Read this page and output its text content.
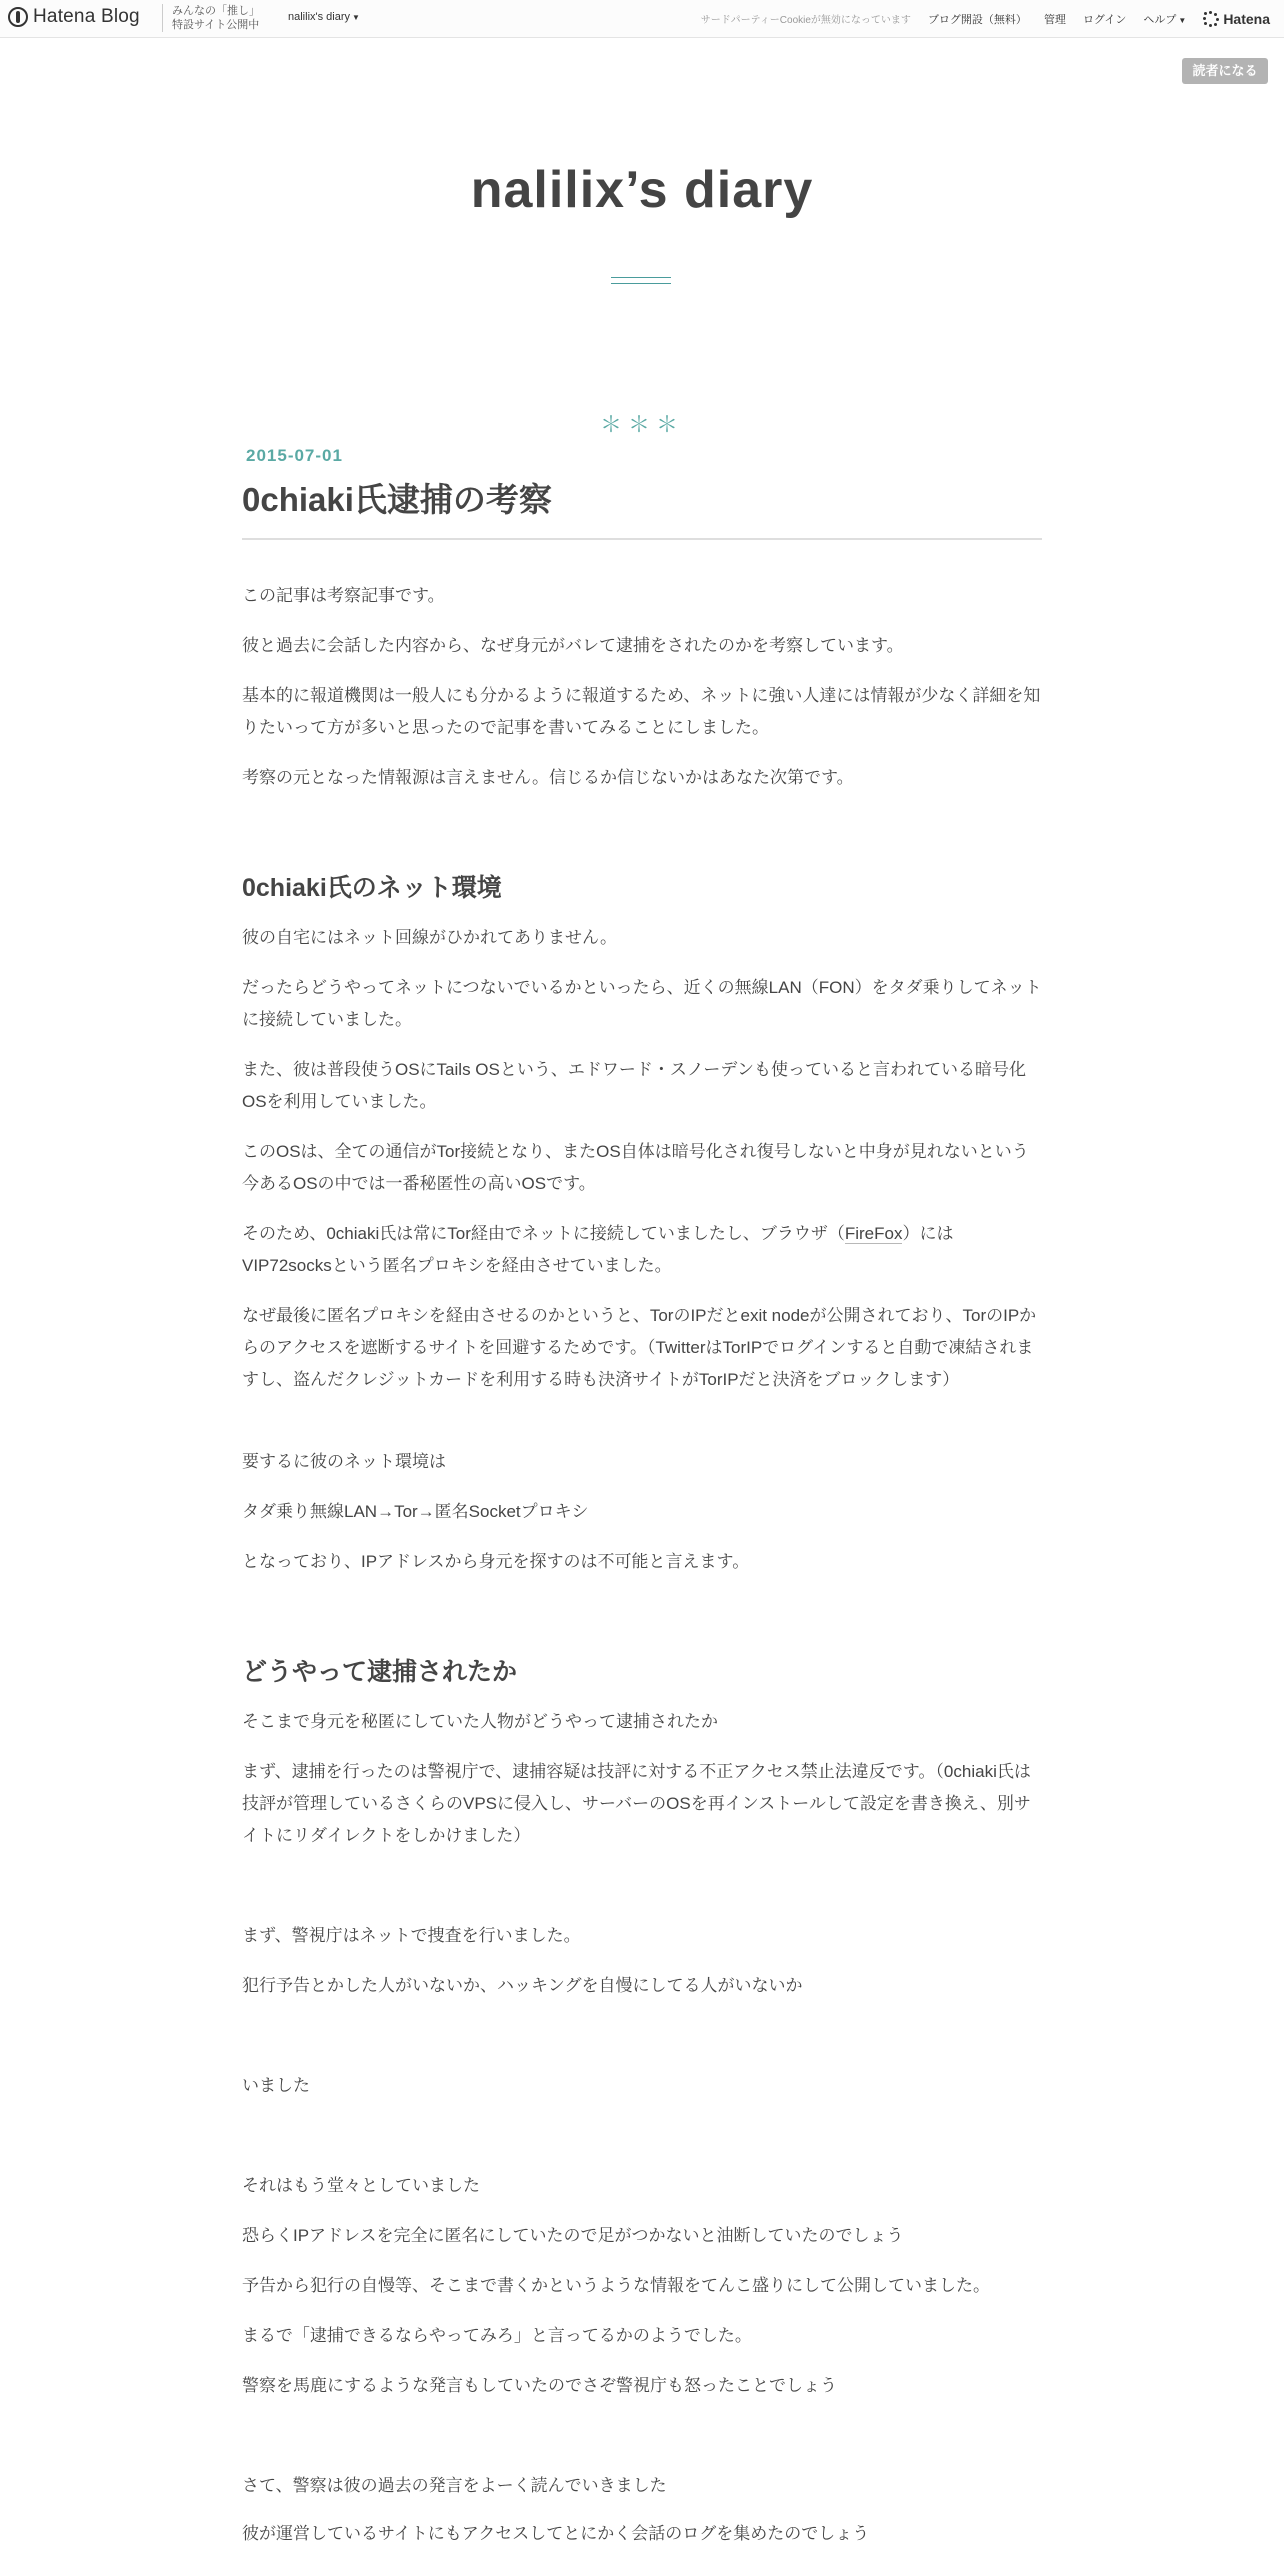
Hatena Blog	みんなの「推し」
特設サイト公開中
nalilix's diary ▼	サードパーティーCookieが無効になっています ブログ開設（無料） 管理 ログイン ヘルプ ▼	Hatena
読者になる
nalilix’s diary
＊＊＊
2015-07-01
0chiaki氏逮捕の考察

この記事は考察記事です。

彼と過去に会話した内容から、なぜ身元がバレて逮捕をされたのかを考察しています。

基本的に報道機関は一般人にも分かるように報道するため、ネットに強い人達には情報が少なく詳細を知りたいって方が多いと思ったので記事を書いてみることにしました。

考察の元となった情報源は言えません。信じるか信じないかはあなた次第です。

0chiaki氏のネット環境

彼の自宅にはネット回線がひかれてありません。

だったらどうやってネットにつないでいるかといったら、近くの無線LAN（FON）をタダ乗りしてネットに接続していました。

また、彼は普段使うOSにTails OSという、エドワード・スノーデンも使っていると言われている暗号化OSを利用していました。

このOSは、全ての通信がTor接続となり、またOS自体は暗号化され復号しないと中身が見れないという今あるOSの中では一番秘匿性の高いOSです。

そのため、0chiaki氏は常にTor経由でネットに接続していましたし、ブラウザ（FireFox）にはVIP72socksという匿名プロキシを経由させていました。

なぜ最後に匿名プロキシを経由させるのかというと、TorのIPだとexit nodeが公開されており、TorのIPからのアクセスを遮断するサイトを回避するためです。（TwitterはTorIPでログインすると自動で凍結されますし、盗んだクレジットカードを利用する時も決済サイトがTorIPだと決済をブロックします）

要するに彼のネット環境は

タダ乗り無線LAN→Tor→匿名Socketプロキシ

となっており、IPアドレスから身元を探すのは不可能と言えます。

どうやって逮捕されたか

そこまで身元を秘匿にしていた人物がどうやって逮捕されたか

まず、逮捕を行ったのは警視庁で、逮捕容疑は技評に対する不正アクセス禁止法違反です。（0chiaki氏は技評が管理しているさくらのVPSに侵入し、サーバーのOSを再インストールして設定を書き換え、別サイトにリダイレクトをしかけました）

まず、警視庁はネットで捜査を行いました。

犯行予告とかした人がいないか、ハッキングを自慢にしてる人がいないか

いました

それはもう堂々としていました

恐らくIPアドレスを完全に匿名にしていたので足がつかないと油断していたのでしょう

予告から犯行の自慢等、そこまで書くかというような情報をてんこ盛りにして公開していました。

まるで「逮捕できるならやってみろ」と言ってるかのようでした。

警察を馬鹿にするような発言もしていたのでさぞ警視庁も怒ったことでしょう

さて、警察は彼の過去の発言をよーく読んでいきました

彼が運営しているサイトにもアクセスしてとにかく会話のログを集めたのでしょう
